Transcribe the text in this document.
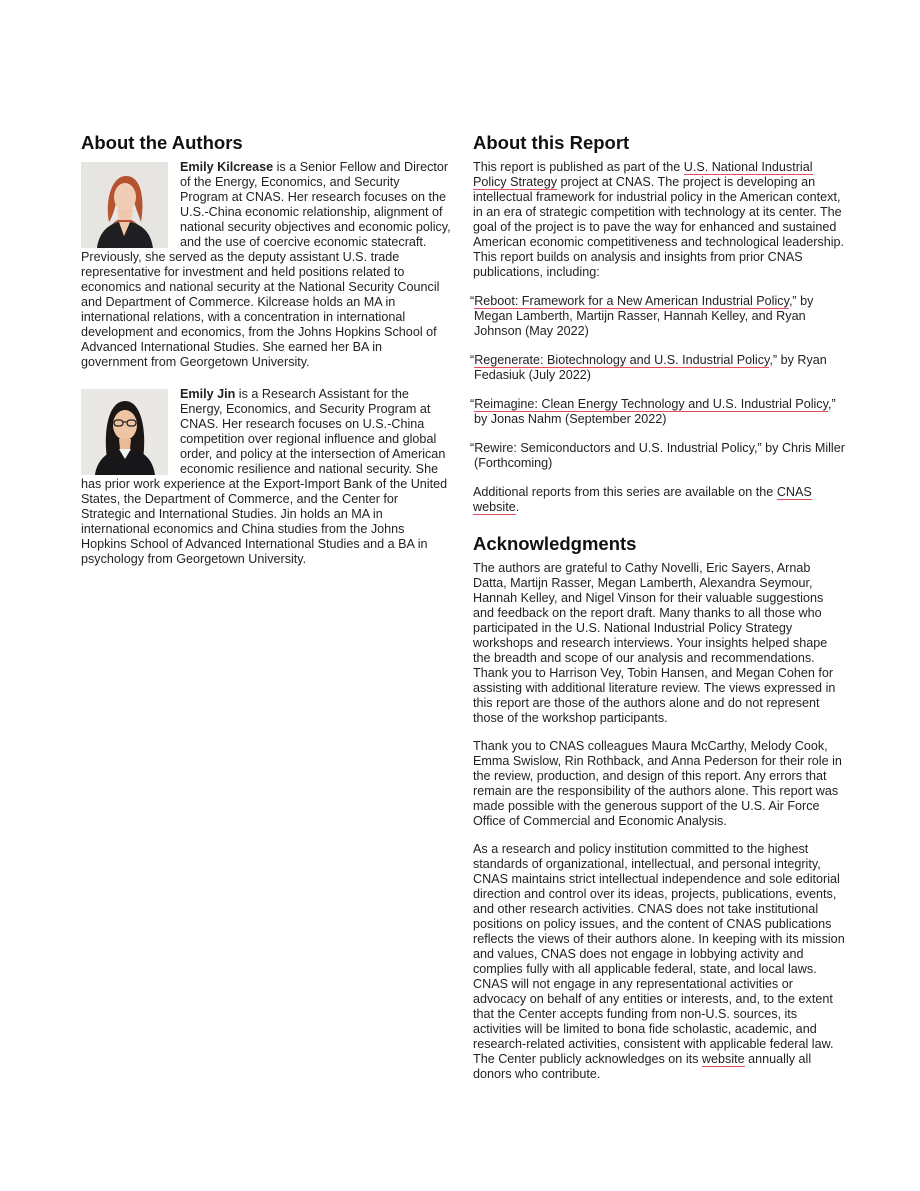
About the Authors

Emily Kilcrease is a Senior Fellow and Director of the Energy, Economics, and Security Program at CNAS. Her research focuses on the U.S.-China economic relationship, alignment of national security objectives and economic policy, and the use of coercive economic statecraft. Previously, she served as the deputy assistant U.S. trade representative for investment and held positions related to economics and national security at the National Security Council and Department of Commerce. Kilcrease holds an MA in international relations, with a concentration in international development and economics, from the Johns Hopkins School of Advanced International Studies. She earned her BA in government from Georgetown University.

Emily Jin is a Research Assistant for the Energy, Economics, and Security Program at CNAS. Her research focuses on U.S.-China competition over regional influence and global order, and policy at the intersection of American economic resilience and national security. She has prior work experience at the Export-Import Bank of the United States, the Department of Commerce, and the Center for Strategic and International Studies. Jin holds an MA in international economics and China studies from the Johns Hopkins School of Advanced International Studies and a BA in psychology from Georgetown University.

About this Report

This report is published as part of the U.S. National Industrial Policy Strategy project at CNAS. The project is developing an intellectual framework for industrial policy in the American context, in an era of strategic competition with technology at its center. The goal of the project is to pave the way for enhanced and sustained American economic competitiveness and technological leadership. This report builds on analysis and insights from prior CNAS publications, including:

“Reboot: Framework for a New American Industrial Policy,” by Megan Lamberth, Martijn Rasser, Hannah Kelley, and Ryan Johnson (May 2022)

“Regenerate: Biotechnology and U.S. Industrial Policy,” by Ryan Fedasiuk (July 2022)

“Reimagine: Clean Energy Technology and U.S. Industrial Policy,” by Jonas Nahm (September 2022)

“Rewire: Semiconductors and U.S. Industrial Policy,” by Chris Miller (Forthcoming)

Additional reports from this series are available on the CNAS website.

Acknowledgments

The authors are grateful to Cathy Novelli, Eric Sayers, Arnab Datta, Martijn Rasser, Megan Lamberth, Alexandra Seymour, Hannah Kelley, and Nigel Vinson for their valuable suggestions and feedback on the report draft. Many thanks to all those who participated in the U.S. National Industrial Policy Strategy workshops and research interviews. Your insights helped shape the breadth and scope of our analysis and recommendations. Thank you to Harrison Vey, Tobin Hansen, and Megan Cohen for assisting with additional literature review. The views expressed in this report are those of the authors alone and do not represent those of the workshop participants.

Thank you to CNAS colleagues Maura McCarthy, Melody Cook, Emma Swislow, Rin Rothback, and Anna Pederson for their role in the review, production, and design of this report. Any errors that remain are the responsibility of the authors alone. This report was made possible with the generous support of the U.S. Air Force Office of Commercial and Economic Analysis.

As a research and policy institution committed to the highest standards of organizational, intellectual, and personal integrity, CNAS maintains strict intellectual independence and sole editorial direction and control over its ideas, projects, publications, events, and other research activities. CNAS does not take institutional positions on policy issues, and the content of CNAS publications reflects the views of their authors alone. In keeping with its mission and values, CNAS does not engage in lobbying activity and complies fully with all applicable federal, state, and local laws. CNAS will not engage in any representational activities or advocacy on behalf of any entities or interests, and, to the extent that the Center accepts funding from non-U.S. sources, its activities will be limited to bona fide scholastic, academic, and research-related activities, consistent with applicable federal law. The Center publicly acknowledges on its website annually all donors who contribute.
